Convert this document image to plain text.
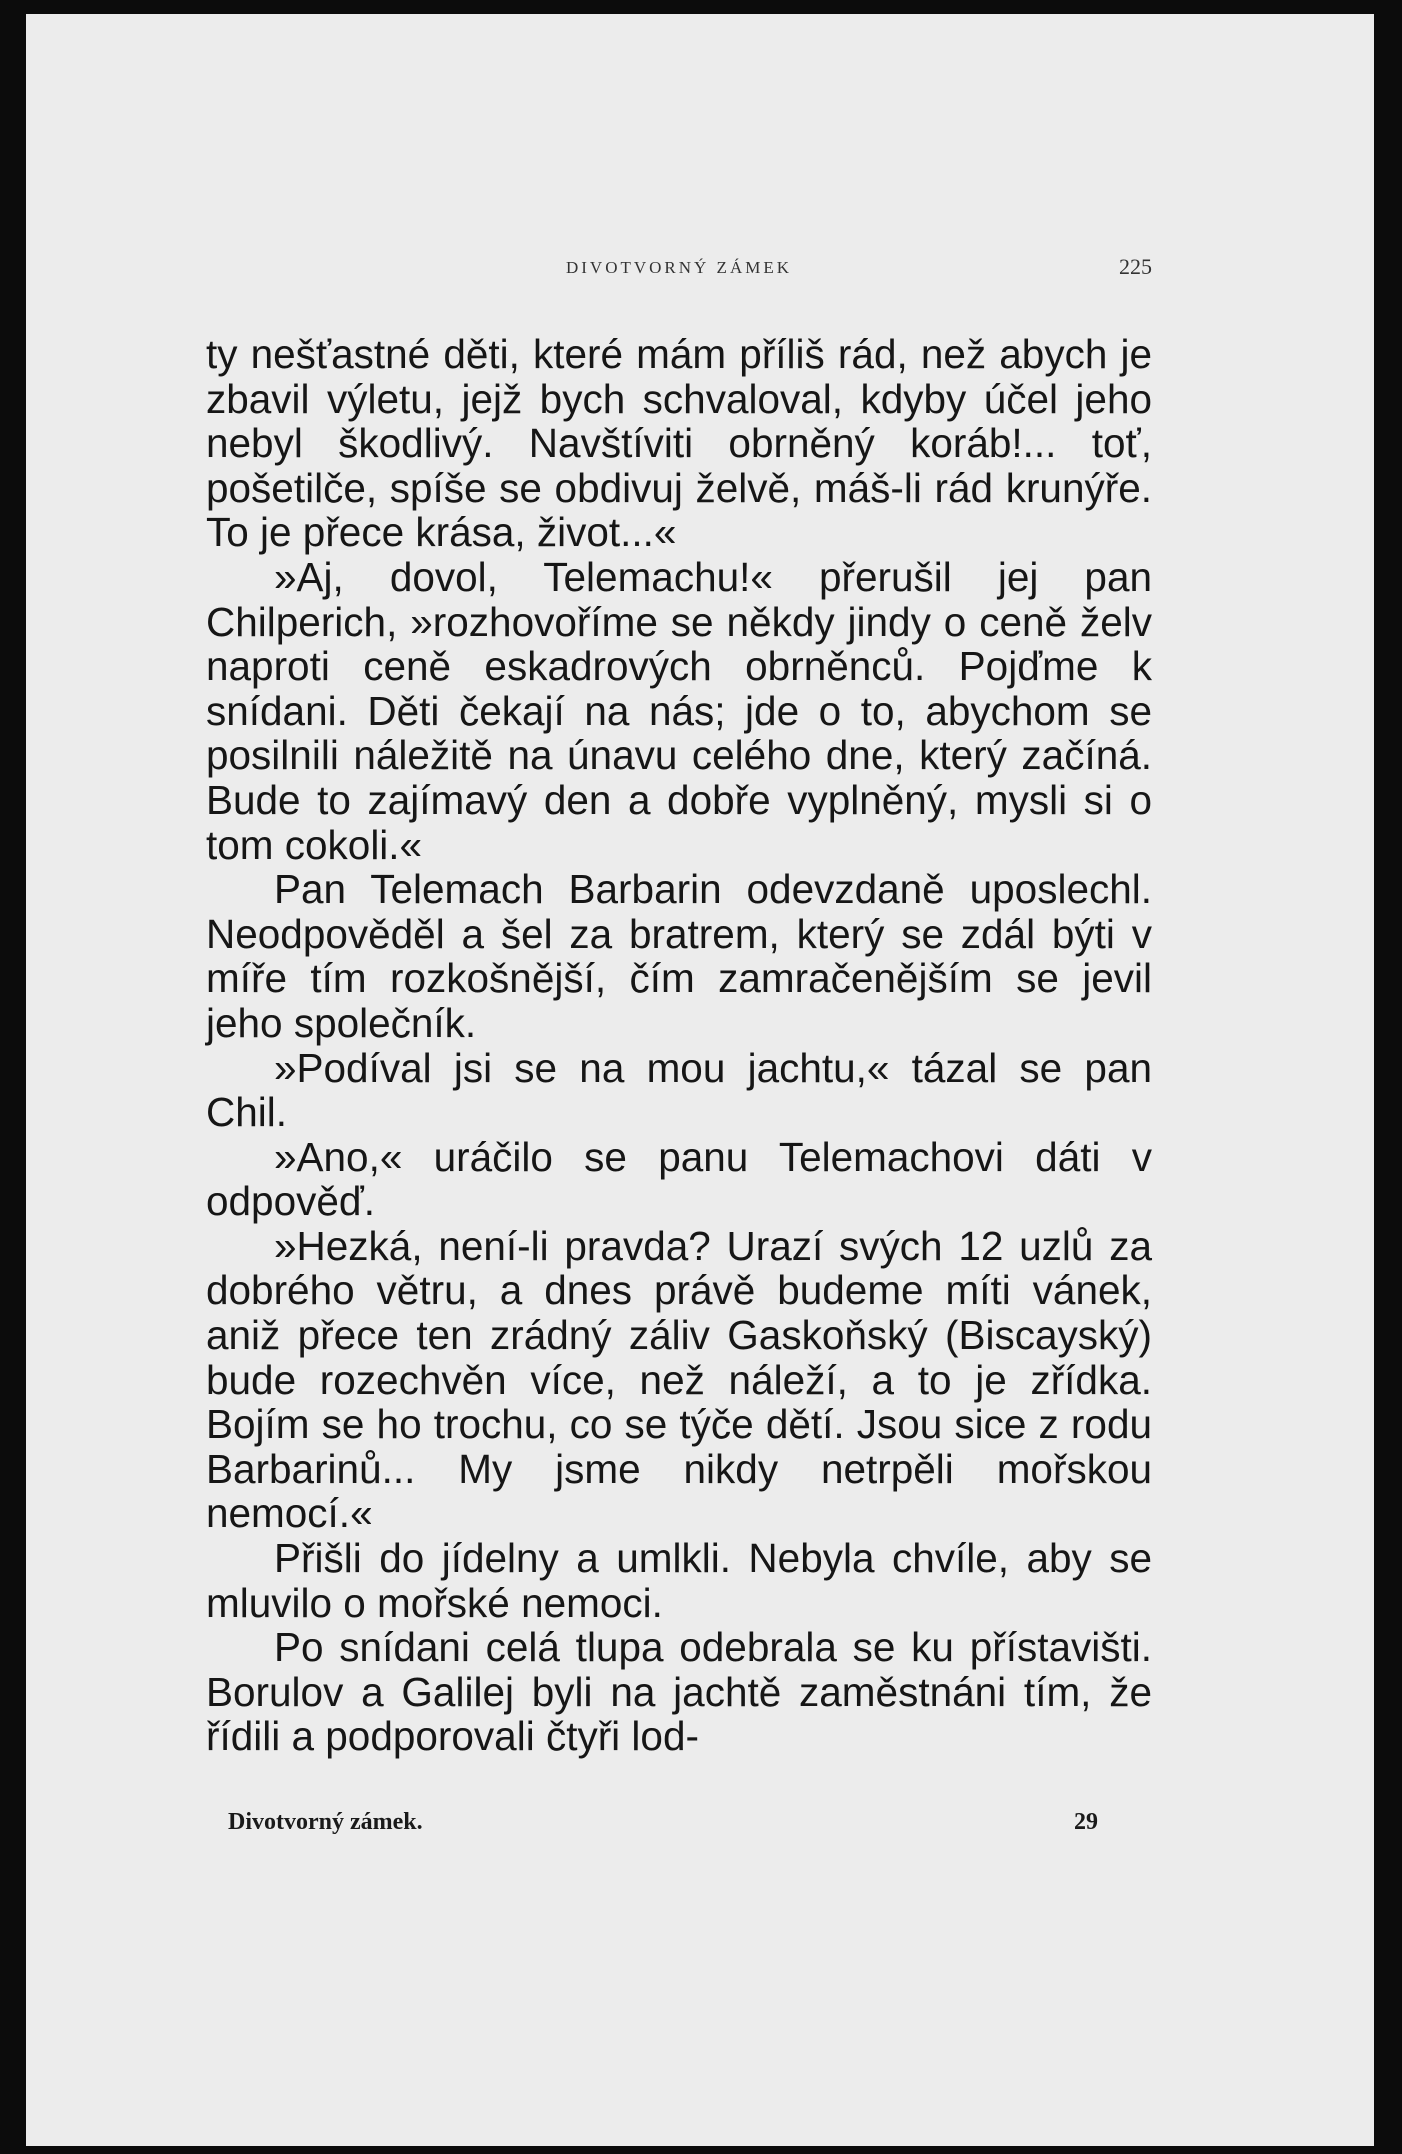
DIVOTVORNÝ ZÁMEK	225

ty nešťastné děti, které mám příliš rád, než abych je zbavil výletu, jejž bych schvaloval, kdyby účel jeho nebyl škodlivý. Navštíviti obrněný koráb!... toť, pošetilče, spíše se obdivuj želvě, máš-li rád krunýře. To je přece krása, život...«

»Aj, dovol, Telemachu!« přerušil jej pan Chilperich, »rozhovoříme se někdy jindy o ceně želv naproti ceně eskadrových obrněnců. Pojďme k snídani. Děti čekají na nás; jde o to, abychom se posilnili náležitě na únavu celého dne, který začíná. Bude to zajímavý den a dobře vyplněný, mysli si o tom cokoli.«

Pan Telemach Barbarin odevzdaně uposlechl. Neodpověděl a šel za bratrem, který se zdál býti v míře tím rozkošnější, čím zamračenějším se jevil jeho společník.

»Podíval jsi se na mou jachtu,« tázal se pan Chil.

»Ano,« uráčilo se panu Telemachovi dáti v odpověď.

»Hezká, není-li pravda? Urazí svých 12 uzlů za dobrého větru, a dnes právě budeme míti vánek, aniž přece ten zrádný záliv Gaskoňský (Biscayský) bude rozechvěn více, než náleží, a to je zřídka. Bojím se ho trochu, co se týče dětí. Jsou sice z rodu Barbarinů... My jsme nikdy netrpěli mořskou nemocí.«

Přišli do jídelny a umlkli. Nebyla chvíle, aby se mluvilo o mořské nemoci.

Po snídani celá tlupa odebrala se ku přístavišti. Borulov a Galilej byli na jachtě zaměstnáni tím, že řídili a podporovali čtyři lod-

Divotvorný zámek.	29
